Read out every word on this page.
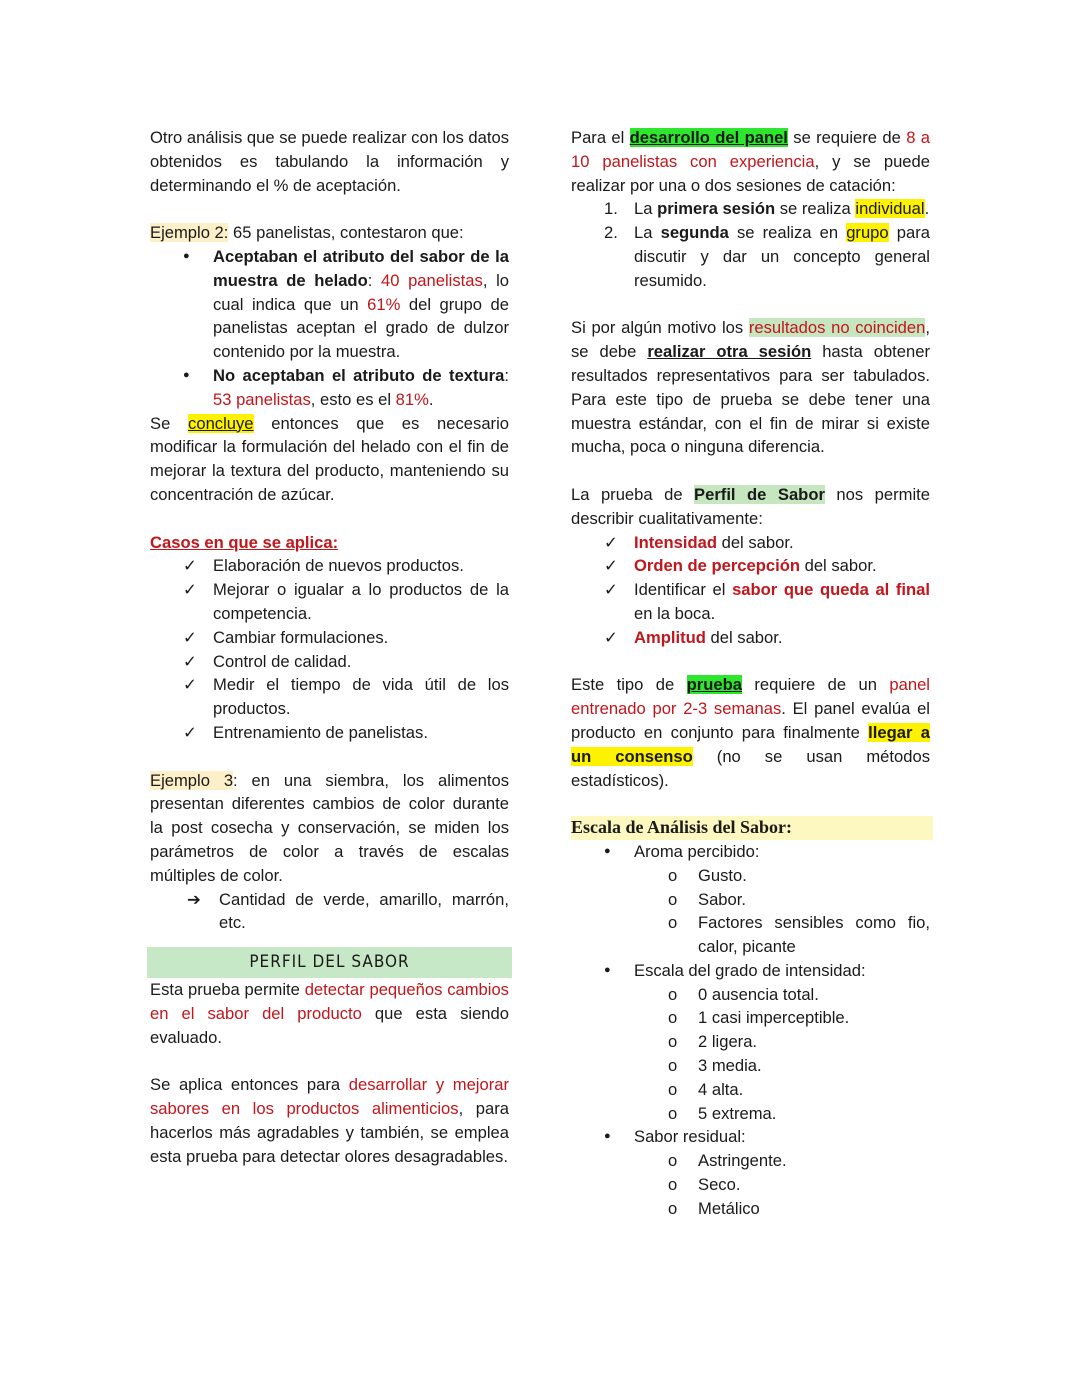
Otro análisis que se puede realizar con los datos obtenidos es tabulando la información y determinando el % de aceptación.

Ejemplo 2: 65 panelistas, contestaron que:

● Aceptaban el atributo del sabor de la muestra de helado: 40 panelistas, lo cual indica que un 61% del grupo de panelistas aceptan el grado de dulzor contenido por la muestra.
● No aceptaban el atributo de textura: 53 panelistas, esto es el 81%.

Se concluye entonces que es necesario modificar la formulación del helado con el fin de mejorar la textura del producto, manteniendo su concentración de azúcar.

Casos en que se aplica:

✓ Elaboración de nuevos productos.
✓ Mejorar o igualar a lo productos de la competencia.
✓ Cambiar formulaciones.
✓ Control de calidad.
✓ Medir el tiempo de vida útil de los productos.
✓ Entrenamiento de panelistas.

Ejemplo 3: en una siembra, los alimentos presentan diferentes cambios de color durante la post cosecha y conservación, se miden los parámetros de color a través de escalas múltiples de color.

➔ Cantidad de verde, amarillo, marrón, etc.
PERFIL DEL SABOR

Esta prueba permite detectar pequeños cambios en el sabor del producto que esta siendo evaluado.

Se aplica entonces para desarrollar y mejorar sabores en los productos alimenticios, para hacerlos más agradables y también, se emplea esta prueba para detectar olores desagradables.

Para el desarrollo del panel se requiere de 8 a 10 panelistas con experiencia, y se puede realizar por una o dos sesiones de catación:

1. La primera sesión se realiza individual.
2. La segunda se realiza en grupo para discutir y dar un concepto general resumido.

Si por algún motivo los resultados no coinciden, se debe realizar otra sesión hasta obtener resultados representativos para ser tabulados. Para este tipo de prueba se debe tener una muestra estándar, con el fin de mirar si existe mucha, poca o ninguna diferencia.

La prueba de Perfil de Sabor nos permite describir cualitativamente:

✓ Intensidad del sabor.
✓ Orden de percepción del sabor.
✓ Identificar el sabor que queda al final en la boca.
✓ Amplitud del sabor.

Este tipo de prueba requiere de un panel entrenado por 2-3 semanas. El panel evalúa el producto en conjunto para finalmente llegar a un consenso (no se usan métodos estadísticos).

Escala de Análisis del Sabor:

● Aroma percibido:
o Gusto.
o Sabor.
o Factores sensibles como fio, calor, picante
● Escala del grado de intensidad:
o 0 ausencia total.
o 1 casi imperceptible.
o 2 ligera.
o 3 media.
o 4 alta.
o 5 extrema.
● Sabor residual:
o Astringente.
o Seco.
o Metálico
